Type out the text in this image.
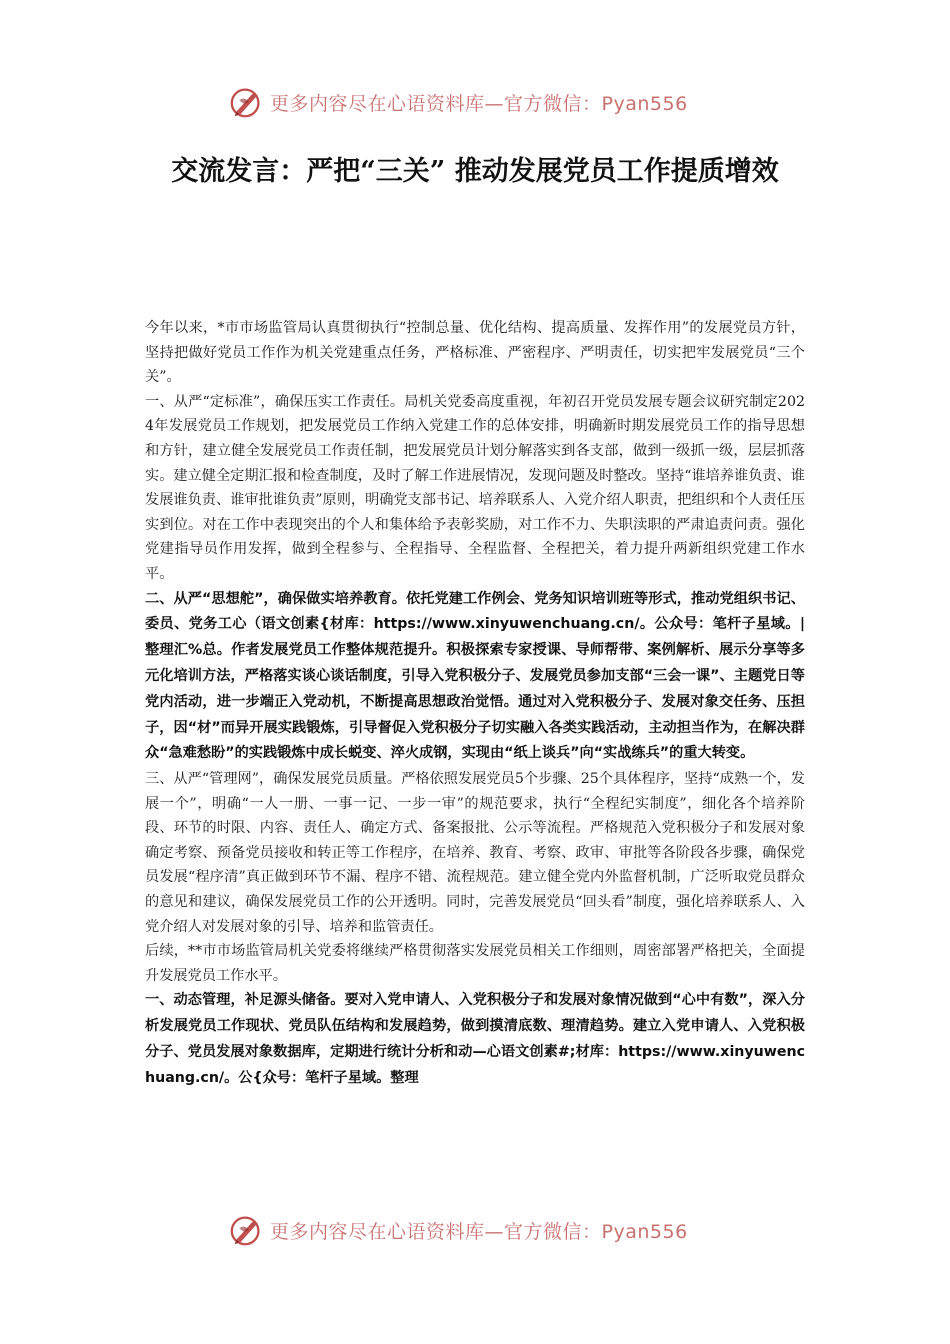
更多内容尽在心语资料库—官方微信：Pyan556
交流发言：严把“三关” 推动发展党员工作提质增效

今年以来，*市市场监管局认真贯彻执行“控制总量、优化结构、提高质量、发挥作用”的发展党员方针，坚持把做好党员工作作为机关党建重点任务，严格标准、严密程序、严明责任，切实把牢发展党员“三个关”。

一、从严“定标准”，确保压实工作责任。局机关党委高度重视，年初召开党员发展专题会议研究制定2024年发展党员工作规划，把发展党员工作纳入党建工作的总体安排，明确新时期发展党员工作的指导思想和方针，建立健全发展党员工作责任制，把发展党员计划分解落实到各支部，做到一级抓一级，层层抓落实。建立健全定期汇报和检查制度，及时了解工作进展情况，发现问题及时整改。坚持“谁培养谁负责、谁发展谁负责、谁审批谁负责”原则，明确党支部书记、培养联系人、入党介绍人职责，把组织和个人责任压实到位。对在工作中表现突出的个人和集体给予表彰奖励，对工作不力、失职渎职的严肃追责问责。强化党建指导员作用发挥，做到全程参与、全程指导、全程监督、全程把关，着力提升两新组织党建工作水平。

二、从严“思想舵”，确保做实培养教育。依托党建工作例会、党务知识培训班等形式，推动党组织书记、委员、党务工心（语文创素{材库：https://www.xinyuwenchuang.cn/。公众号：笔杆子星域。|整理汇%总。作者发展党员工作整体规范提升。积极探索专家授课、导师帮带、案例解析、展示分享等多元化培训方法，严格落实谈心谈话制度，引导入党积极分子、发展党员参加支部“三会一课”、主题党日等党内活动，进一步端正入党动机，不断提高思想政治觉悟。通过对入党积极分子、发展对象交任务、压担子，因“材”而异开展实践锻炼，引导督促入党积极分子切实融入各类实践活动，主动担当作为，在解决群众“急难愁盼”的实践锻炼中成长蜕变、淬火成钢，实现由“纸上谈兵”向“实战练兵”的重大转变。

三、从严“管理网”，确保发展党员质量。严格依照发展党员5个步骤、25个具体程序，坚持“成熟一个，发展一个”，明确“一人一册、一事一记、一步一审”的规范要求，执行“全程纪实制度”，细化各个培养阶段、环节的时限、内容、责任人、确定方式、备案报批、公示等流程。严格规范入党积极分子和发展对象确定考察、预备党员接收和转正等工作程序，在培养、教育、考察、政审、审批等各阶段各步骤，确保党员发展“程序清”真正做到环节不漏、程序不错、流程规范。建立健全党内外监督机制，广泛听取党员群众的意见和建议，确保发展党员工作的公开透明。同时，完善发展党员“回头看”制度，强化培养联系人、入党介绍人对发展对象的引导、培养和监管责任。

后续，**市市场监管局机关党委将继续严格贯彻落实发展党员相关工作细则，周密部署严格把关，全面提升发展党员工作水平。

一、动态管理，补足源头储备。要对入党申请人、入党积极分子和发展对象情况做到“心中有数”，深入分析发展党员工作现状、党员队伍结构和发展趋势，做到摸清底数、理清趋势。建立入党申请人、入党积极分子、党员发展对象数据库，定期进行统计分析和动—心语文创素#;材库：https://www.xinyuwenchuang.cn/。公{众号：笔杆子星域。整理

更多内容尽在心语资料库—官方微信：Pyan556
